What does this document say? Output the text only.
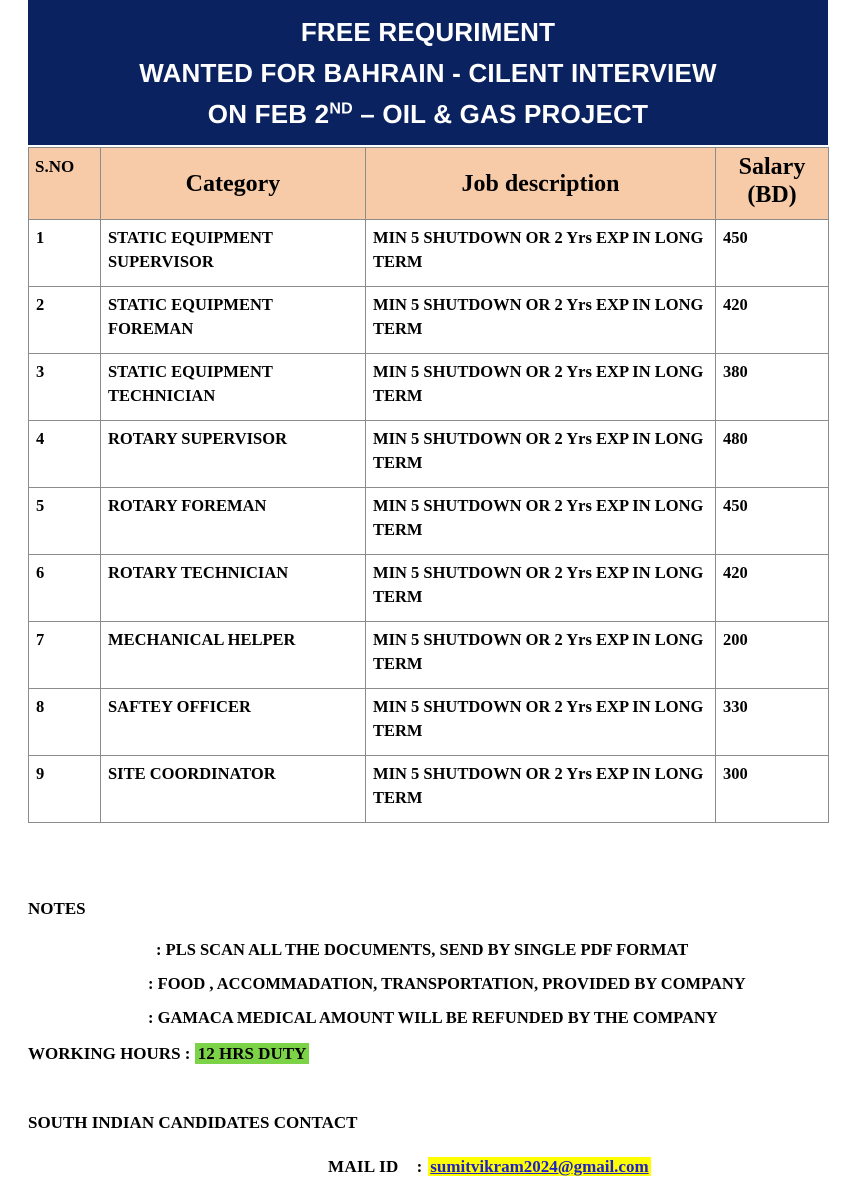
FREE REQURIMENT
WANTED FOR BAHRAIN - CILENT INTERVIEW
ON FEB 2ND – OIL & GAS PROJECT
S.NO	Category	Job description	Salary
(BD)
1	STATIC EQUIPMENT SUPERVISOR	MIN 5 SHUTDOWN OR 2 Yrs EXP IN LONG TERM	450
2	STATIC EQUIPMENT FOREMAN	MIN 5 SHUTDOWN OR 2 Yrs EXP IN LONG TERM	420
3	STATIC EQUIPMENT TECHNICIAN	MIN 5 SHUTDOWN OR 2 Yrs EXP IN LONG TERM	380
4	ROTARY SUPERVISOR	MIN 5 SHUTDOWN OR 2 Yrs EXP IN LONG TERM	480
5	ROTARY FOREMAN	MIN 5 SHUTDOWN OR 2 Yrs EXP IN LONG TERM	450
6	ROTARY TECHNICIAN	MIN 5 SHUTDOWN OR 2 Yrs EXP IN LONG TERM	420
7	MECHANICAL HELPER	MIN 5 SHUTDOWN OR 2 Yrs EXP IN LONG TERM	200
8	SAFTEY OFFICER	MIN 5 SHUTDOWN OR 2 Yrs EXP IN LONG TERM	330
9	SITE COORDINATOR	MIN 5 SHUTDOWN OR 2 Yrs EXP IN LONG TERM	300
NOTES
: PLS SCAN ALL THE DOCUMENTS, SEND BY SINGLE PDF FORMAT
: FOOD , ACCOMMADATION, TRANSPORTATION, PROVIDED BY COMPANY
: GAMACA MEDICAL AMOUNT WILL BE REFUNDED BY THE COMPANY
WORKING HOURS : 12 HRS DUTY
SOUTH INDIAN CANDIDATES CONTACT
MAIL ID : sumitvikram2024@gmail.com
